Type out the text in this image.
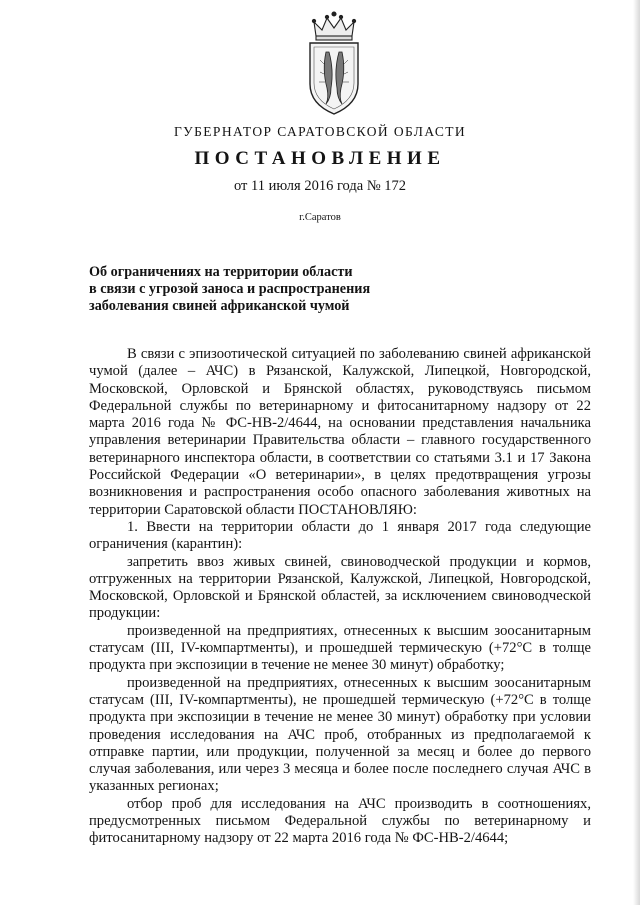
ГУБЕРНАТОР САРАТОВСКОЙ ОБЛАСТИ
ПОСТАНОВЛЕНИЕ
от 11 июля 2016 года № 172
г.Саратов
Об ограничениях на территории области
в связи с угрозой заноса и распространения
заболевания свиней африканской чумой

В связи с эпизоотической ситуацией по заболеванию свиней африканской чумой (далее – АЧС) в Рязанской, Калужской, Липецкой, Новгородской, Московской, Орловской и Брянской областях, руководствуясь письмом Федеральной службы по ветеринарному и фитосанитарному надзору от 22 марта 2016 года № ФС-НВ-2/4644, на основании представления начальника управления ветеринарии Правительства области – главного государственного ветеринарного инспектора области, в соответствии со статьями 3.1 и 17 Закона Российской Федерации «О ветеринарии», в целях предотвращения угрозы возникновения и распространения особо опасного заболевания животных на территории Саратовской области ПОСТАНОВЛЯЮ:

1. Ввести на территории области до 1 января 2017 года следующие ограничения (карантин):

запретить ввоз живых свиней, свиноводческой продукции и кормов, отгруженных на территории Рязанской, Калужской, Липецкой, Новгородской, Московской, Орловской и Брянской областей, за исключением свиноводческой продукции:

произведенной на предприятиях, отнесенных к высшим зоосанитарным статусам (III, IV-компартменты), и прошедшей термическую (+72°С в толще продукта при экспозиции в течение не менее 30 минут) обработку;

произведенной на предприятиях, отнесенных к высшим зоосанитарным статусам (III, IV-компартменты), не прошедшей термическую (+72°С в толще продукта при экспозиции в течение не менее 30 минут) обработку при условии проведения исследования на АЧС проб, отобранных из предполагаемой к отправке партии, или продукции, полученной за месяц и более до первого случая заболевания, или через 3 месяца и более после последнего случая АЧС в указанных регионах;

отбор проб для исследования на АЧС производить в соотношениях, предусмотренных письмом Федеральной службы по ветеринарному и фитосанитарному надзору от 22 марта 2016 года № ФС-НВ-2/4644;
